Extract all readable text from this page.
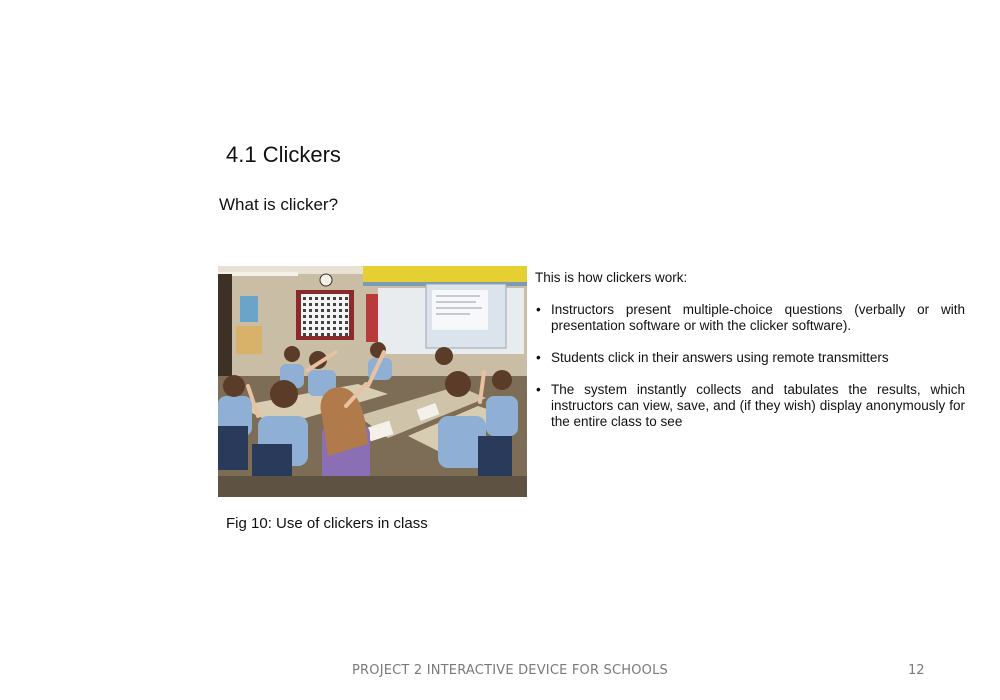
4.1 Clickers
What is clicker?

Fig 10: Use of clickers in class

This is how clickers work:

• Instructors present multiple-choice questions (verbally or with presentation software or with the clicker software).
• Students click in their answers using remote transmitters
• The system instantly collects and tabulates the results, which instructors can view, save, and (if they wish) display anonymously for the entire class to see
PROJECT 2 INTERACTIVE DEVICE FOR SCHOOLS	12
